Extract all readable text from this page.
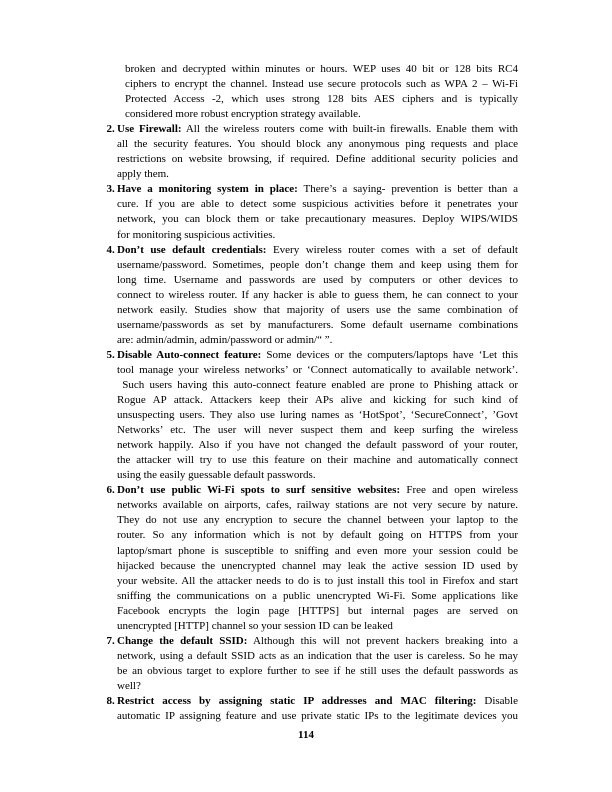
broken and decrypted within minutes or hours. WEP uses 40 bit or 128 bits RC4
ciphers to encrypt the channel. Instead use secure protocols such as WPA 2 – Wi-Fi
Protected Access -2, which uses strong 128 bits AES ciphers and is typically
considered more robust encryption strategy available.
2. Use Firewall: All the wireless routers come with built-in firewalls. Enable them with
all the security features. You should block any anonymous ping requests and place
restrictions on website browsing, if required. Define additional security policies and
apply them.
3. Have a monitoring system in place: There’s a saying- prevention is better than a
cure. If you are able to detect some suspicious activities before it penetrates your
network, you can block them or take precautionary measures. Deploy WIPS/WIDS
for monitoring suspicious activities.
4. Don’t use default credentials: Every wireless router comes with a set of default
username/password. Sometimes, people don’t change them and keep using them for
long time. Username and passwords are used by computers or other devices to
connect to wireless router. If any hacker is able to guess them, he can connect to your
network easily. Studies show that majority of users use the same combination of
username/passwords as set by manufacturers. Some default username combinations
are: admin/admin, admin/password or admin/“ ”.
5. Disable Auto-connect feature: Some devices or the computers/laptops have ‘Let this
tool manage your wireless networks’ or ‘Connect automatically to available network’.
Such users having this auto-connect feature enabled are prone to Phishing attack or
Rogue AP attack. Attackers keep their APs alive and kicking for such kind of
unsuspecting users. They also use luring names as ‘HotSpot’, ‘SecureConnect’, ’Govt
Networks’ etc. The user will never suspect them and keep surfing the wireless
network happily. Also if you have not changed the default password of your router,
the attacker will try to use this feature on their machine and automatically connect
using the easily guessable default passwords.
6. Don’t use public Wi-Fi spots to surf sensitive websites: Free and open wireless
networks available on airports, cafes, railway stations are not very secure by nature.
They do not use any encryption to secure the channel between your laptop to the
router. So any information which is not by default going on HTTPS from your
laptop/smart phone is susceptible to sniffing and even more your session could be
hijacked because the unencrypted channel may leak the active session ID used by
your website. All the attacker needs to do is to just install this tool in Firefox and start
sniffing the communications on a public unencrypted Wi-Fi. Some applications like
Facebook encrypts the login page [HTTPS] but internal pages are served on
unencrypted [HTTP] channel so your session ID can be leaked
7. Change the default SSID: Although this will not prevent hackers breaking into a
network, using a default SSID acts as an indication that the user is careless. So he may
be an obvious target to explore further to see if he still uses the default passwords as
well?
8. Restrict access by assigning static IP addresses and MAC filtering: Disable
automatic IP assigning feature and use private static IPs to the legitimate devices you
114
